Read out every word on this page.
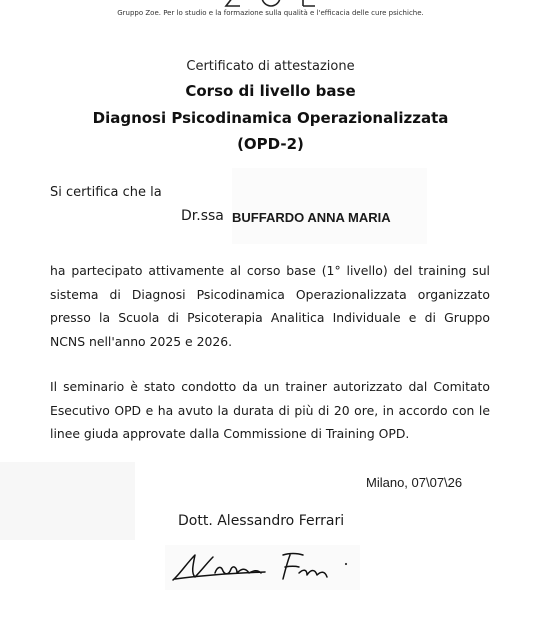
Gruppo Zoe. Per lo studio e la formazione sulla qualità e l'efficacia delle cure psichiche.
Certificato di attestazione
Corso di livello base
Diagnosi Psicodinamica Operazionalizzata
(OPD-2)
Si certifica che la
Dr.ssa BUFFARDO ANNA MARIA

ha partecipato attivamente al corso base (1° livello) del training sul sistema di Diagnosi Psicodinamica Operazionalizzata organizzato presso la Scuola di Psicoterapia Analitica Individuale e di Gruppo NCNS nell'anno 2025 e 2026.

Il seminario è stato condotto da un trainer autorizzato dal Comitato Esecutivo OPD e ha avuto la durata di più di 20 ore, in accordo con le linee giuda approvate dalla Commissione di Training OPD.

Milano, 07\07\26
Dott. Alessandro Ferrari
